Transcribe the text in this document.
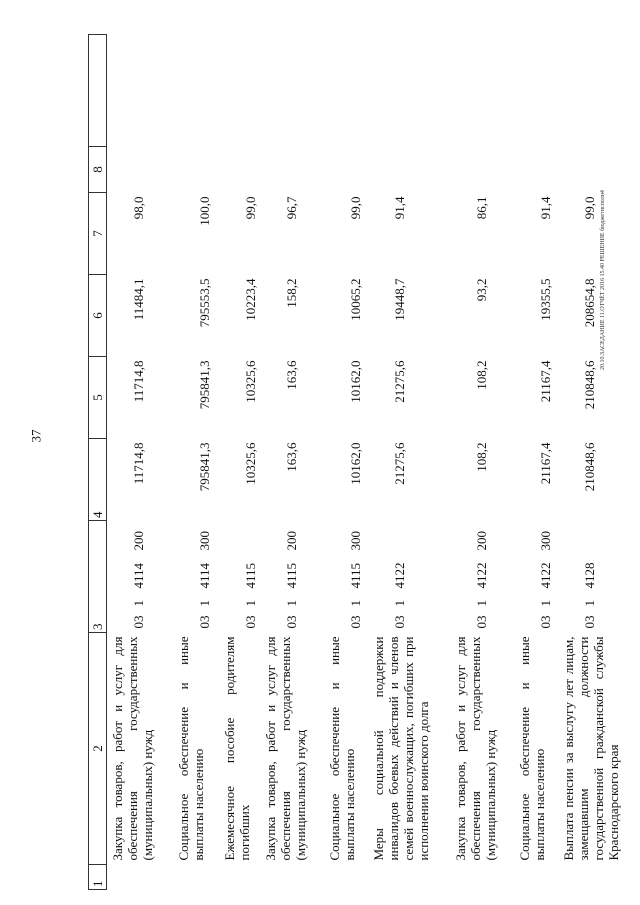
37
20.10.ЗАСЕДАНИЕ 11.ОТЧЁТ 2016 15.40 РЕШЕНИЕ бюджетисполн4
1	2	3				4	5	6	7	8	
	Закупка товаров, работ и услуг для обеспечения государственных (муниципальных) нужд	03	1	4114	200	11714,8	11714,8	11484,1	98,0		
	Социальное обеспечение и иные выплаты населению	03	1	4114	300	795841,3	795841,3	795553,5	100,0		
	Ежемесячное пособие родителям погибших	03	1	4115		10325,6	10325,6	10223,4	99,0		
	Закупка товаров, работ и услуг для обеспечения государственных (муниципальных) нужд	03	1	4115	200	163,6	163,6	158,2	96,7		
	Социальное обеспечение и иные выплаты населению	03	1	4115	300	10162,0	10162,0	10065,2	99,0		
	Меры социальной поддержки инвалидов боевых действий и членов семей военнослужащих, погибших при исполнении воинского долга	03	1	4122		21275,6	21275,6	19448,7	91,4		
	Закупка товаров, работ и услуг для обеспечения государственных (муниципальных) нужд	03	1	4122	200	108,2	108,2	93,2	86,1		
	Социальное обеспечение и иные выплаты населению	03	1	4122	300	21167,4	21167,4	19355,5	91,4		
	Выплата пенсии за выслугу лет лицам, замещавшим должности государственной гражданской службы Краснодарского края	03	1	4128		210848,6	210848,6	208654,8	99,0		
